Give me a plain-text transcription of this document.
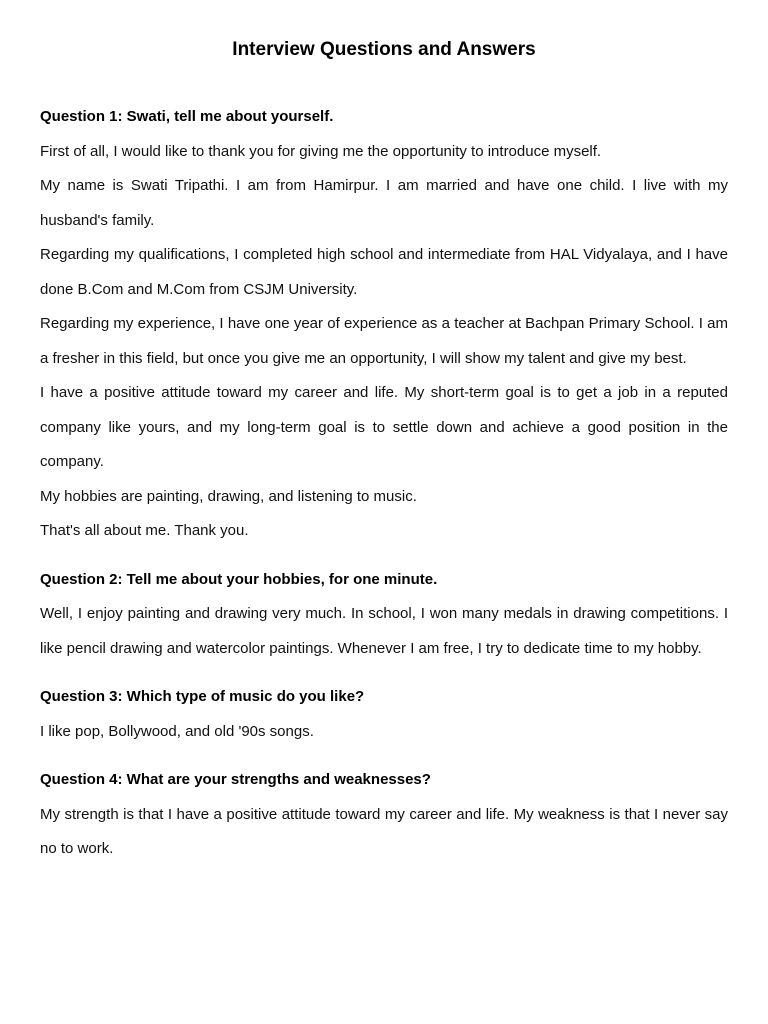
Interview Questions and Answers

Question 1: Swati, tell me about yourself.

First of all, I would like to thank you for giving me the opportunity to introduce myself.

My name is Swati Tripathi. I am from Hamirpur. I am married and have one child. I live with my husband's family.

Regarding my qualifications, I completed high school and intermediate from HAL Vidyalaya, and I have done B.Com and M.Com from CSJM University.

Regarding my experience, I have one year of experience as a teacher at Bachpan Primary School. I am a fresher in this field, but once you give me an opportunity, I will show my talent and give my best.

I have a positive attitude toward my career and life. My short-term goal is to get a job in a reputed company like yours, and my long-term goal is to settle down and achieve a good position in the company.

My hobbies are painting, drawing, and listening to music.

That's all about me. Thank you.

Question 2: Tell me about your hobbies, for one minute.

Well, I enjoy painting and drawing very much. In school, I won many medals in drawing competitions. I like pencil drawing and watercolor paintings. Whenever I am free, I try to dedicate time to my hobby.

Question 3: Which type of music do you like?

I like pop, Bollywood, and old '90s songs.

Question 4: What are your strengths and weaknesses?

My strength is that I have a positive attitude toward my career and life. My weakness is that I never say no to work.
